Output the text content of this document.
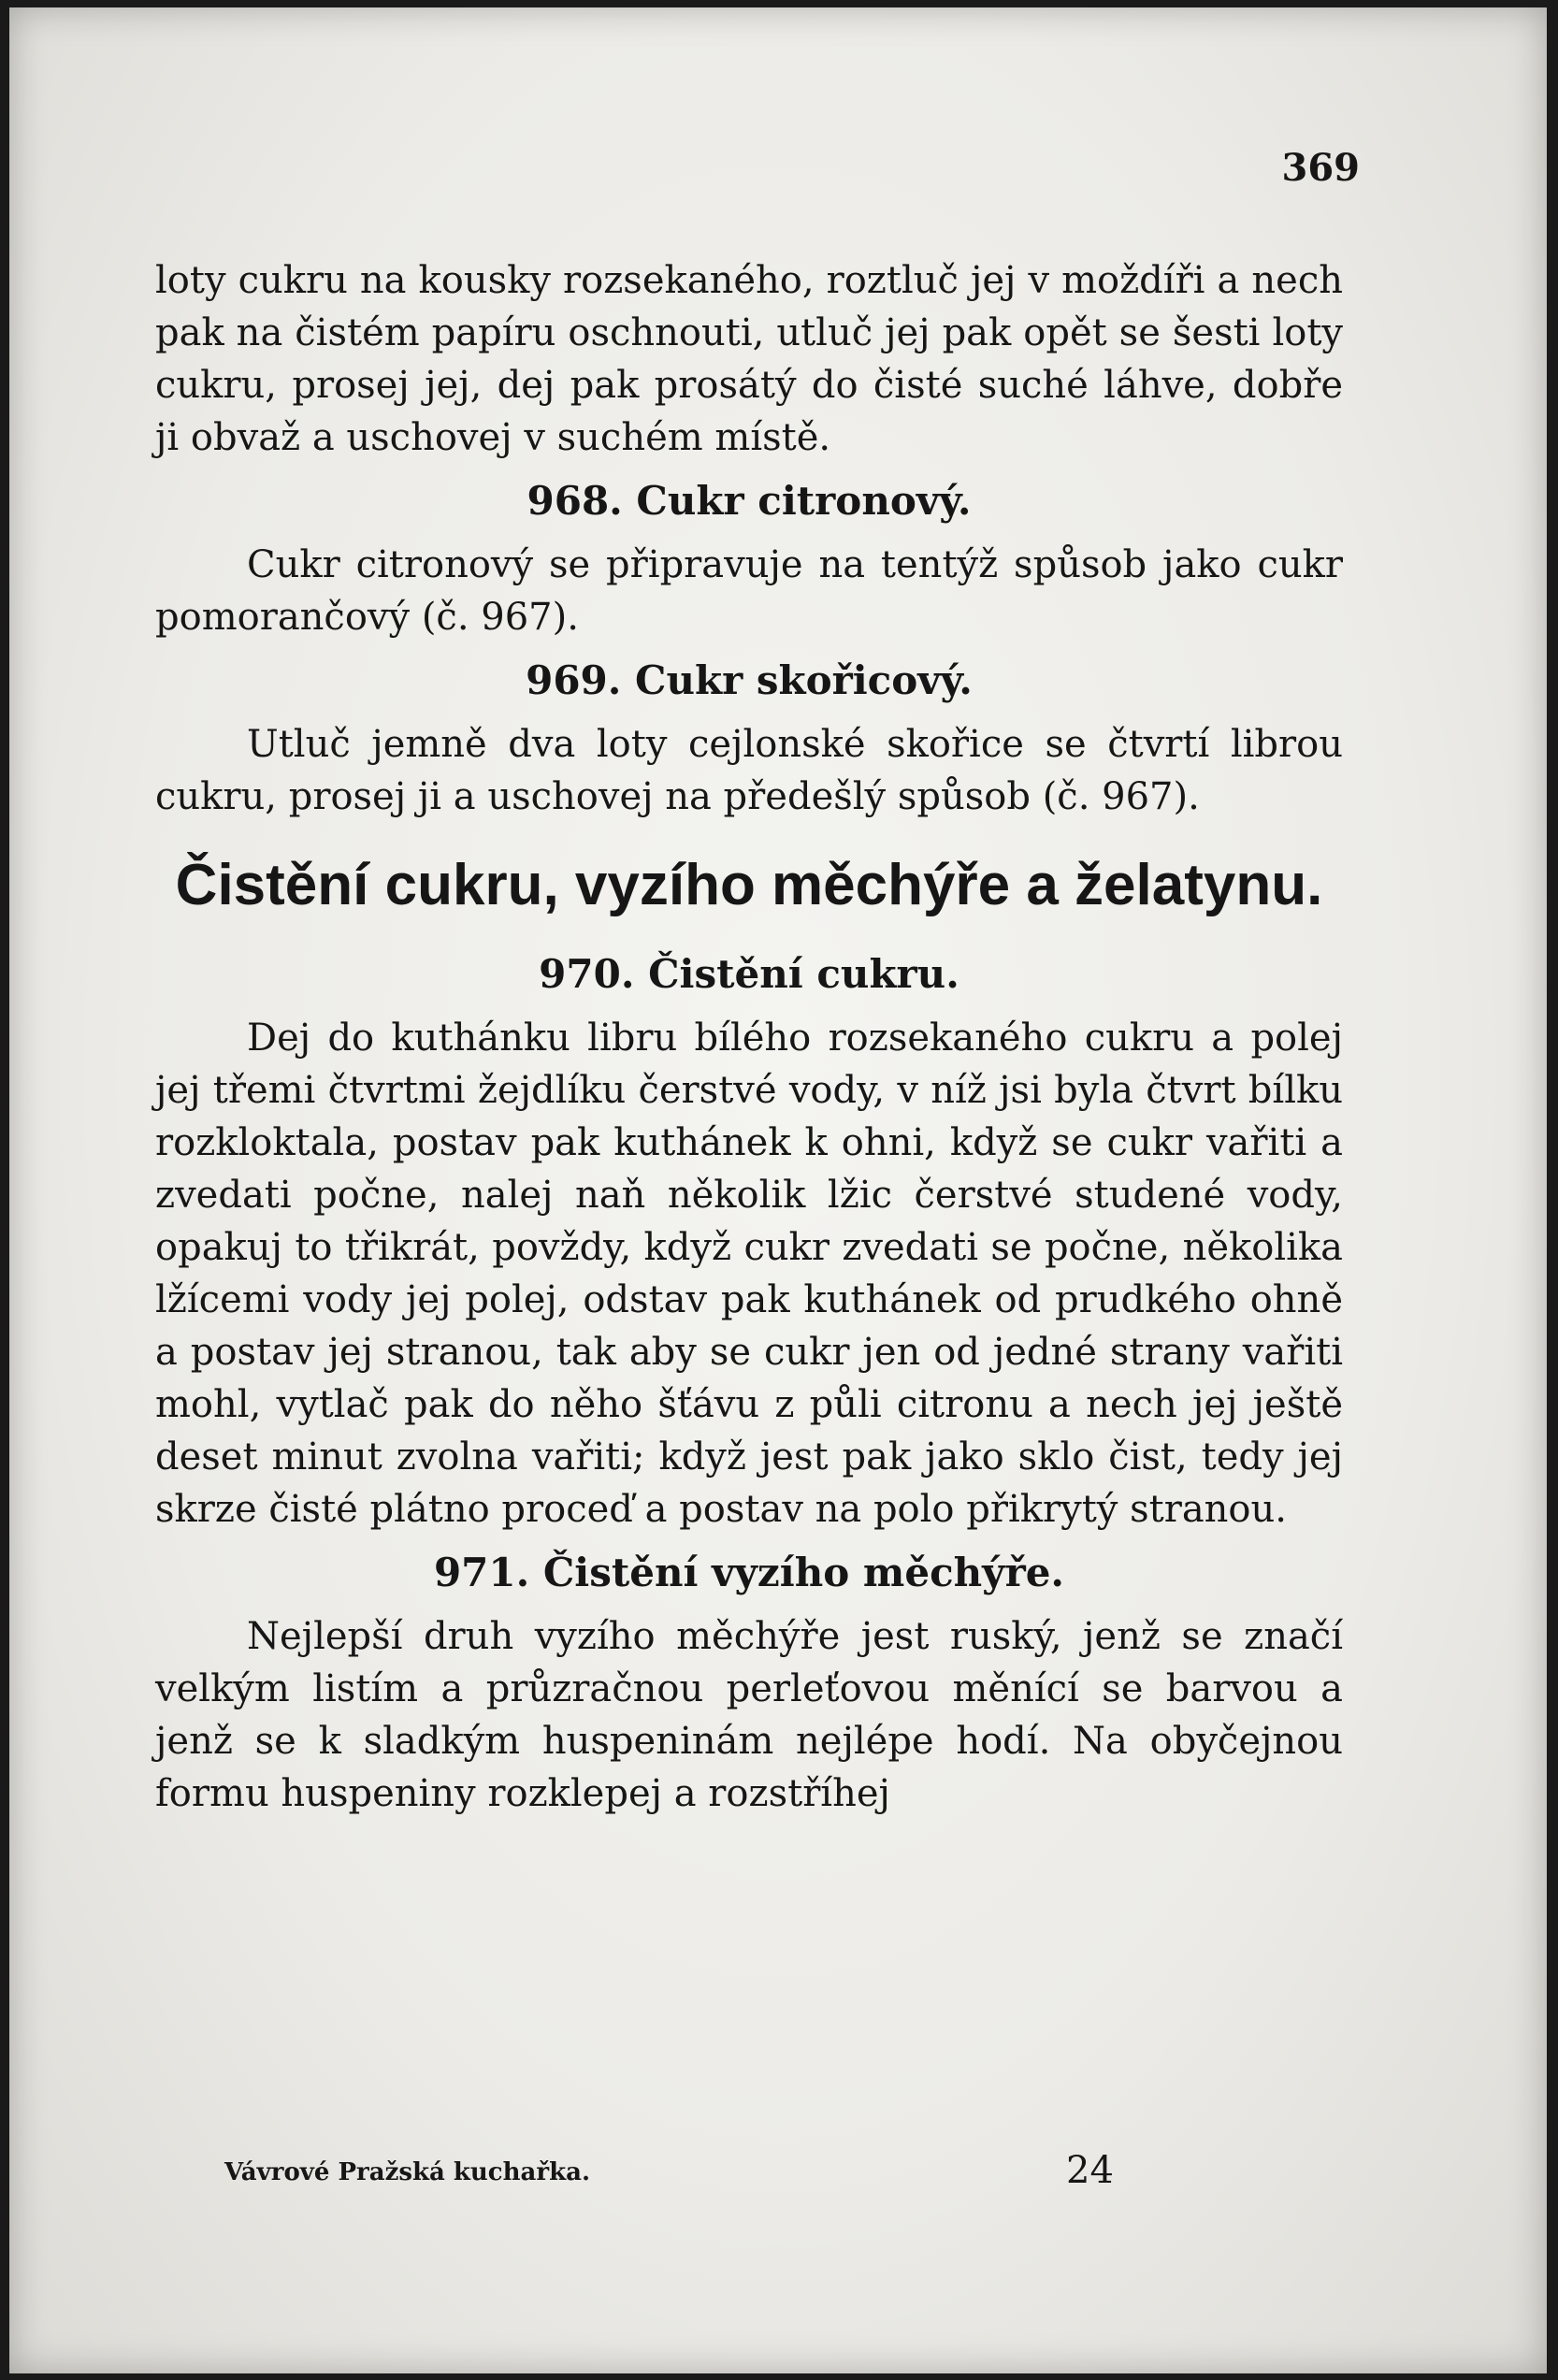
369

loty cukru na kousky rozsekaného, roztluč jej v moždíři a nech pak na čistém papíru oschnouti, utluč jej pak opět se šesti loty cukru, prosej jej, dej pak prosátý do čisté suché láhve, dobře ji obvaž a uschovej v suchém místě.

968. Cukr citronový.

Cukr citronový se připravuje na tentýž spůsob jako cukr pomorančový (č. 967).

969. Cukr skořicový.

Utluč jemně dva loty cejlonské skořice se čtvrtí librou cukru, prosej ji a uschovej na předešlý spůsob (č. 967).

Čistění cukru, vyzího měchýře a želatynu.
970. Čistění cukru.

Dej do kuthánku libru bílého rozsekaného cukru a polej jej třemi čtvrtmi žejdlíku čerstvé vody, v níž jsi byla čtvrt bílku rozkloktala, postav pak kuthánek k ohni, když se cukr vařiti a zvedati počne, nalej naň několik lžic čerstvé studené vody, opakuj to třikrát, povždy, když cukr zvedati se počne, několika lžícemi vody jej polej, odstav pak kuthánek od prudkého ohně a postav jej stranou, tak aby se cukr jen od jedné strany vařiti mohl, vytlač pak do něho šťávu z půli citronu a nech jej ještě deset minut zvolna vařiti; když jest pak jako sklo čist, tedy jej skrze čisté plátno proceď a postav na polo přikrytý stranou.

971. Čistění vyzího měchýře.

Nejlepší druh vyzího měchýře jest ruský, jenž se značí velkým listím a průzračnou perleťovou měnící se barvou a jenž se k sladkým huspeninám nejlépe hodí. Na obyčejnou formu huspeniny rozklepej a rozstříhej

Vávrové Pražská kuchařka.	24
